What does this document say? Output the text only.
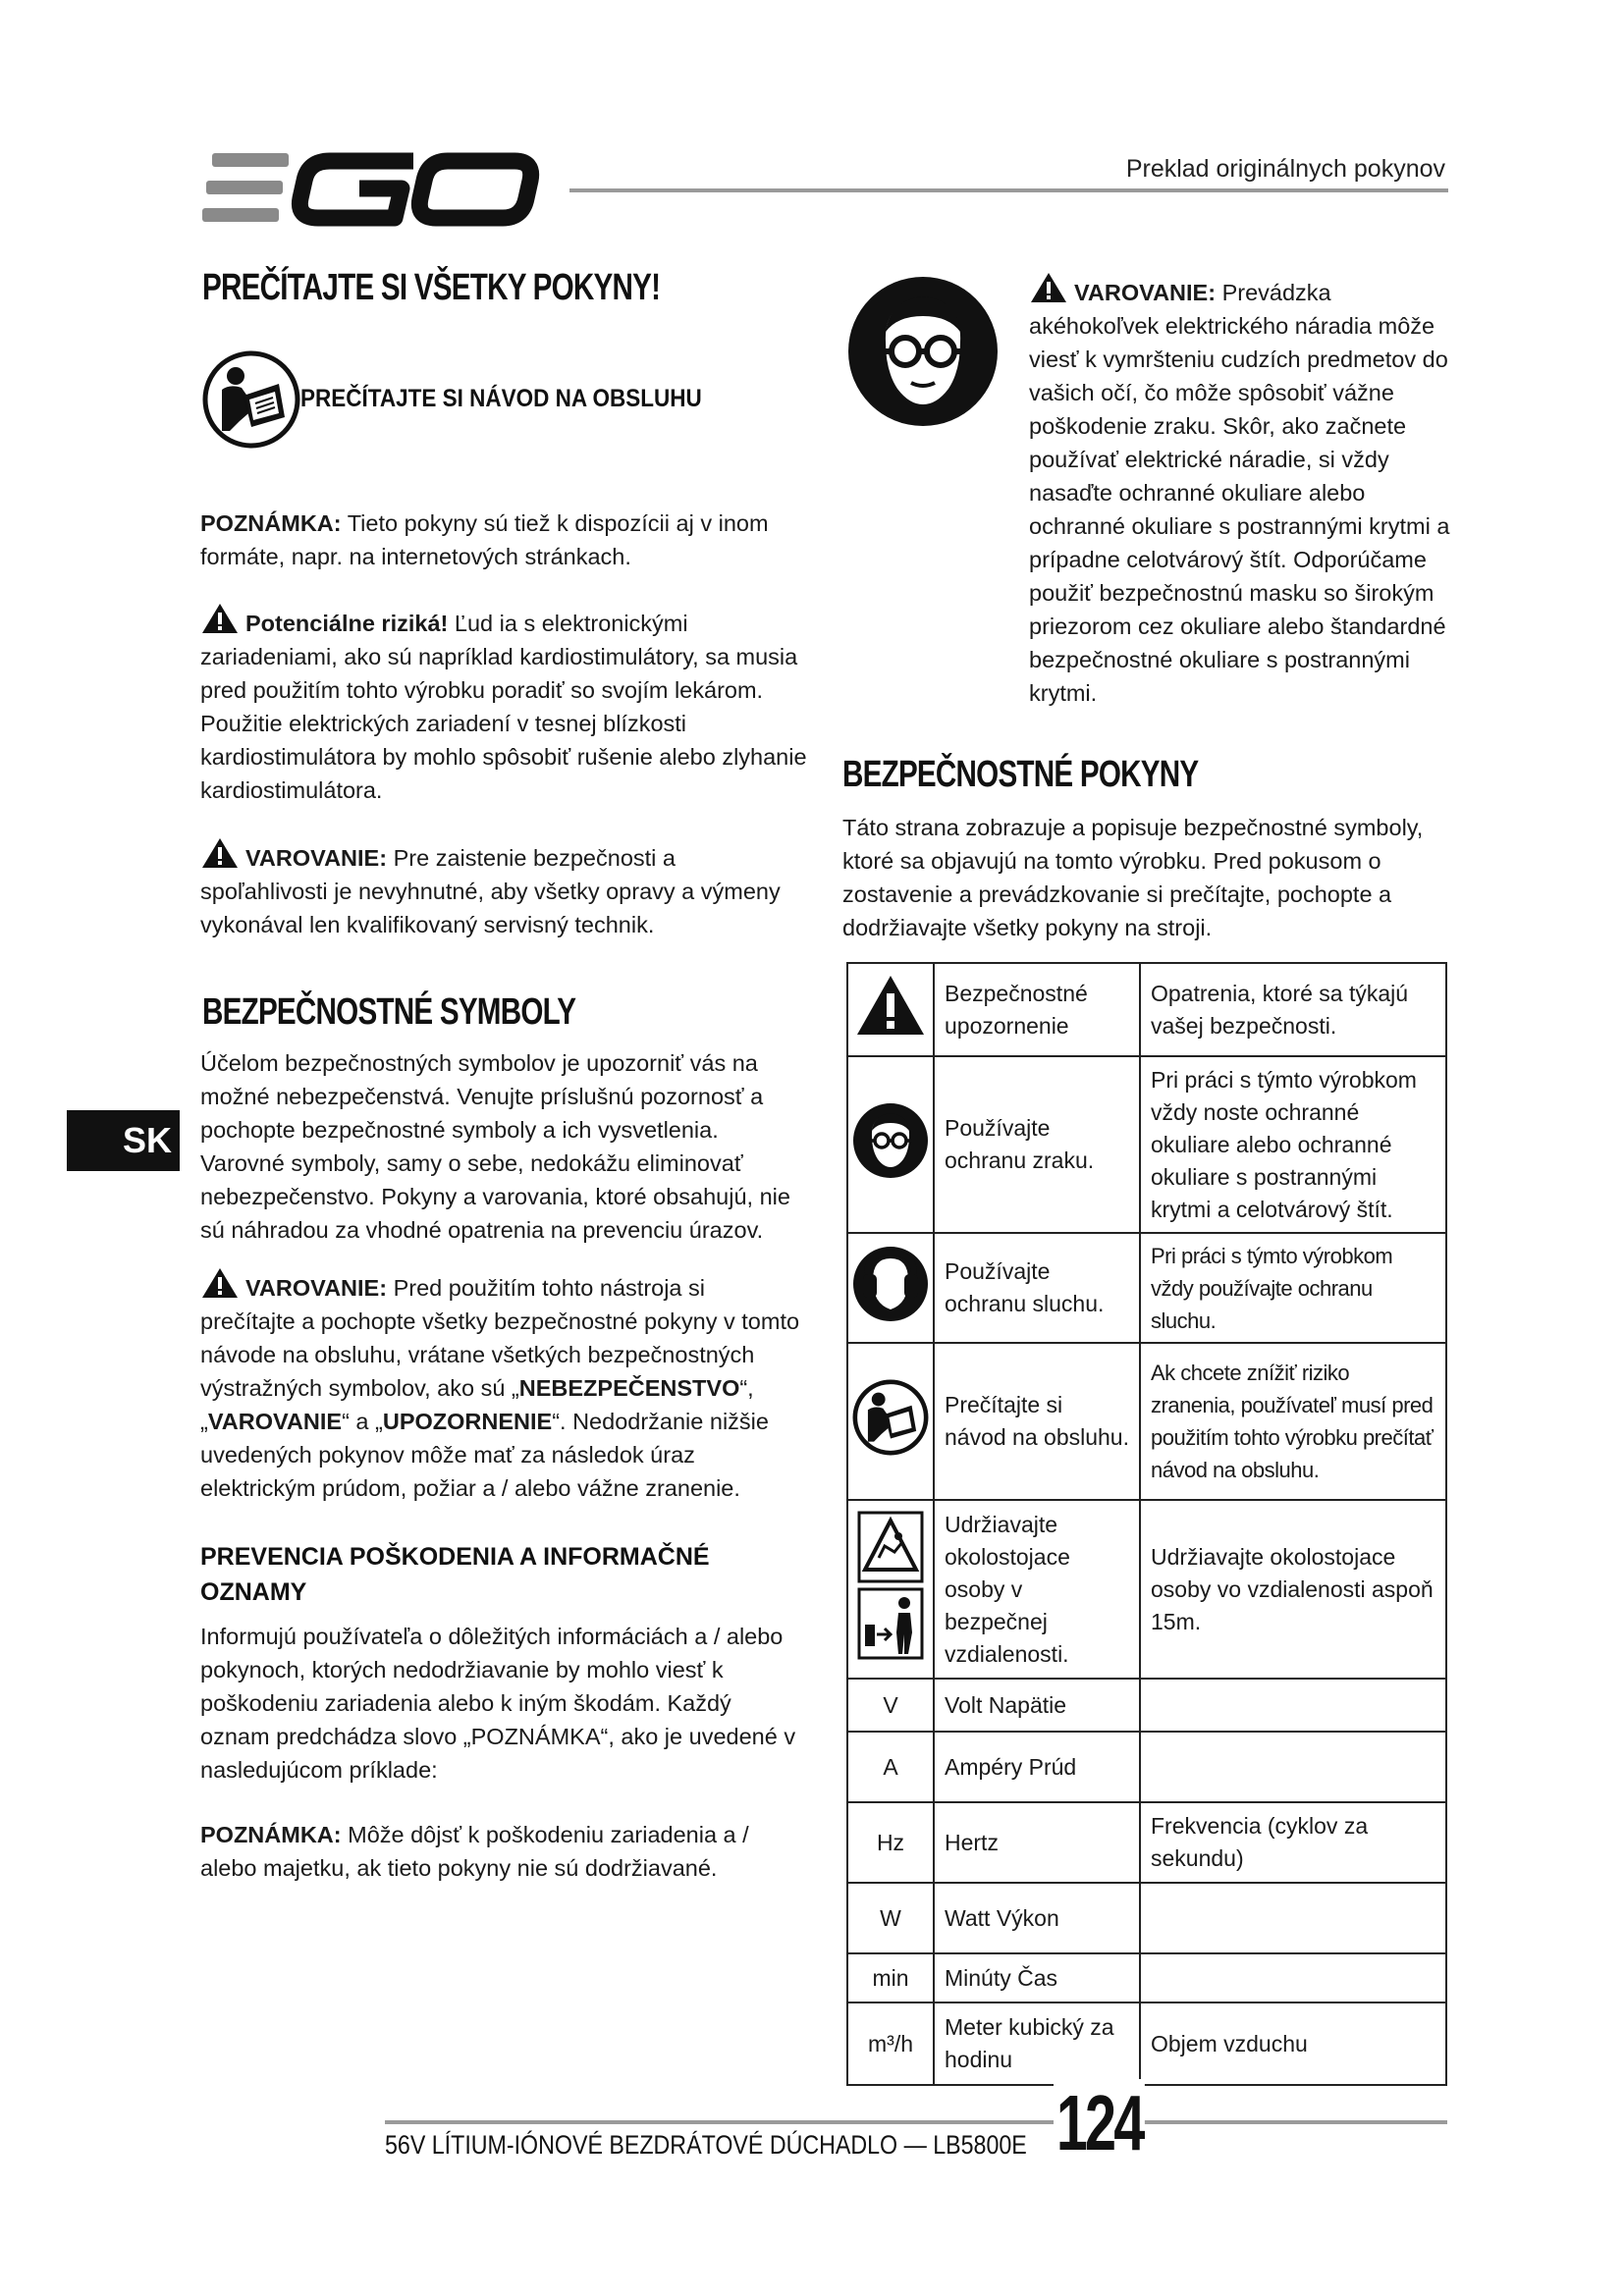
Preklad originálnych pokynov
PREČÍTAJTE SI VŠETKY POKYNY!
PREČÍTAJTE SI NÁVOD NA OBSLUHU

POZNÁMKA: Tieto pokyny sú tiež k dispozícii aj v inom formáte, napr. na internetových stránkach.

Potenciálne riziká! Ľud ia s elektronickými zariadeniami, ako sú napríklad kardiostimulátory, sa musia pred použitím tohto výrobku poradiť so svojím lekárom. Použitie elektrických zariadení v tesnej blízkosti kardiostimulátora by mohlo spôsobiť rušenie alebo zlyhanie kardiostimulátora.

VAROVANIE: Pre zaistenie bezpečnosti a spoľahlivosti je nevyhnutné, aby všetky opravy a výmeny vykonával len kvalifikovaný servisný technik.

BEZPEČNOSTNÉ SYMBOLY

Účelom bezpečnostných symbolov je upozorniť vás na možné nebezpečenstvá. Venujte príslušnú pozornosť a pochopte bezpečnostné symboly a ich vysvetlenia. Varovné symboly, samy o sebe, nedokážu eliminovať nebezpečenstvo. Pokyny a varovania, ktoré obsahujú, nie sú náhradou za vhodné opatrenia na prevenciu úrazov.

VAROVANIE: Pred použitím tohto nástroja si prečítajte a pochopte všetky bezpečnostné pokyny v tomto návode na obsluhu, vrátane všetkých bezpečnostných výstražných symbolov, ako sú „NEBEZPEČENSTVO“, „VAROVANIE“ a „UPOZORNENIE“. Nedodržanie nižšie uvedených pokynov môže mať za následok úraz elektrickým prúdom, požiar a / alebo vážne zranenie.

PREVENCIA POŠKODENIA A INFORMAČNÉ OZNAMY

Informujú používateľa o dôležitých informáciách a / alebo pokynoch, ktorých nedodržiavanie by mohlo viesť k poškodeniu zariadenia alebo k iným škodám. Každý oznam predchádza slovo „POZNÁMKA“, ako je uvedené v nasledujúcom príklade:

POZNÁMKA: Môže dôjsť k poškodeniu zariadenia a / alebo majetku, ak tieto pokyny nie sú dodržiavané.

SK

VAROVANIE: Prevádzka

akéhokoľvek elektrického náradia môže viesť k vymršteniu cudzích predmetov do vašich očí, čo môže spôsobiť vážne poškodenie zraku. Skôr, ako začnete používať elektrické náradie, si vždy nasaďte ochranné okuliare alebo ochranné okuliare s postrannými krytmi a prípadne celotvárový štít. Odporúčame použiť bezpečnostnú masku so širokým priezorom cez okuliare alebo štandardné bezpečnostné okuliare s postrannými krytmi.

BEZPEČNOSTNÉ POKYNY

Táto strana zobrazuje a popisuje bezpečnostné symboly, ktoré sa objavujú na tomto výrobku. Pred pokusom o zostavenie a prevádzkovanie si prečítajte, pochopte a dodržiavajte všetky pokyny na stroji.

	Bezpečnostné upozornenie	Opatrenia, ktoré sa týkajú vašej bezpečnosti.
	Používajte ochranu zraku.	Pri práci s týmto výrobkom vždy noste ochranné okuliare alebo ochranné okuliare s postrannými krytmi a celotvárový štít.
	Používajte ochranu sluchu.	Pri práci s týmto výrobkom vždy používajte ochranu sluchu.
	Prečítajte si návod na obsluhu.	Ak chcete znížiť riziko zranenia, používateľ musí pred použitím tohto výrobku prečítať návod na obsluhu.
	Udržiavajte okolostojace osoby v bezpečnej vzdialenosti.	Udržiavajte okolostojace osoby vo vzdialenosti aspoň 15m.
V	Volt Napätie	
A	Ampéry Prúd	
Hz	Hertz	Frekvencia (cyklov za sekundu)
W	Watt Výkon	
min	Minúty Čas	
m³/h	Meter kubický za hodinu	Objem vzduchu
56V LÍTIUM-IÓNOVÉ BEZDRÁTOVÉ DÚCHADLO — LB5800E 124
